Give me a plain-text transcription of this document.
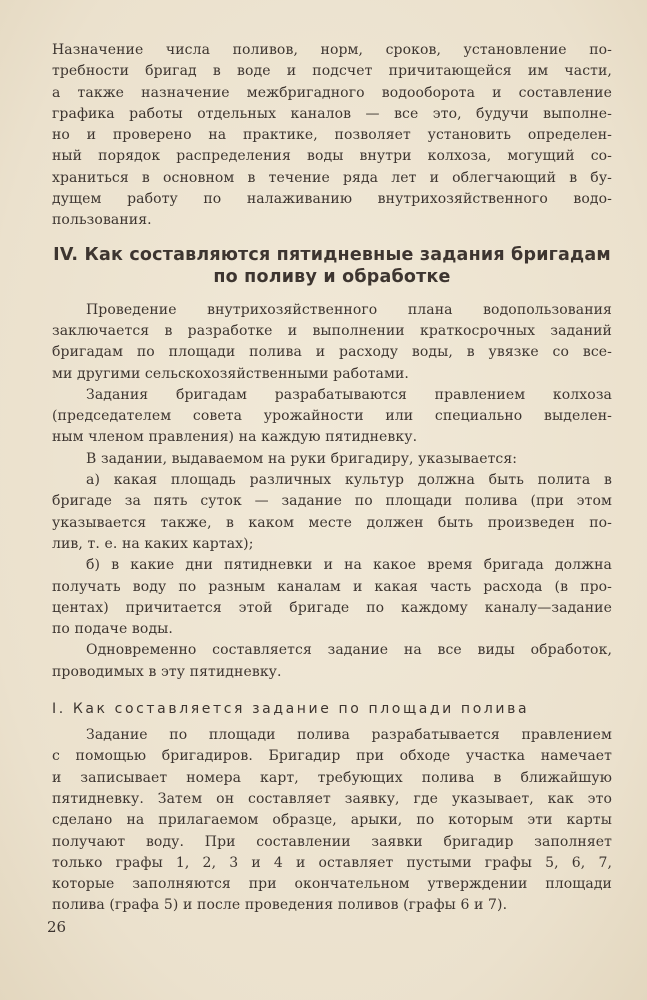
Назначение числа поливов, норм, сроков, установление по-

требности бригад в воде и подсчет причитающейся им части,

а также назначение межбригадного водооборота и составление

графика работы отдельных каналов — все это, будучи выполне-

но и проверено на практике, позволяет установить определен-

ный порядок распределения воды внутри колхоза, могущий со-

храниться в основном в течение ряда лет и облегчающий в бу-

дущем работу по налаживанию внутрихозяйственного водо-

пользования.

IV. Как составляются пятидневные задания бригадам
по поливу и обработке

Проведение внутрихозяйственного плана водопользования

заключается в разработке и выполнении краткосрочных заданий

бригадам по площади полива и расходу воды, в увязке со все-

ми другими сельскохозяйственными работами.

Задания бригадам разрабатываются правлением колхоза

(председателем совета урожайности или специально выделен-

ным членом правления) на каждую пятидневку.

В задании, выдаваемом на руки бригадиру, указывается:

а) какая площадь различных культур должна быть полита в

бригаде за пять суток — задание по площади полива (при этом

указывается также, в каком месте должен быть произведен по-

лив, т. е. на каких картах);

б) в какие дни пятидневки и на какое время бригада должна

получать воду по разным каналам и какая часть расхода (в про-

центах) причитается этой бригаде по каждому каналу—задание

по подаче воды.

Одновременно составляется задание на все виды обработок,

проводимых в эту пятидневку.

I. Как составляется задание по площади полива

Задание по площади полива разрабатывается правлением

с помощью бригадиров. Бригадир при обходе участка намечает

и записывает номера карт, требующих полива в ближайшую

пятидневку. Затем он составляет заявку, где указывает, как это

сделано на прилагаемом образце, арыки, по которым эти карты

получают воду. При составлении заявки бригадир заполняет

только графы 1, 2, 3 и 4 и оставляет пустыми графы 5, 6, 7,

которые заполняются при окончательном утверждении площади

полива (графа 5) и после проведения поливов (графы 6 и 7).

26
